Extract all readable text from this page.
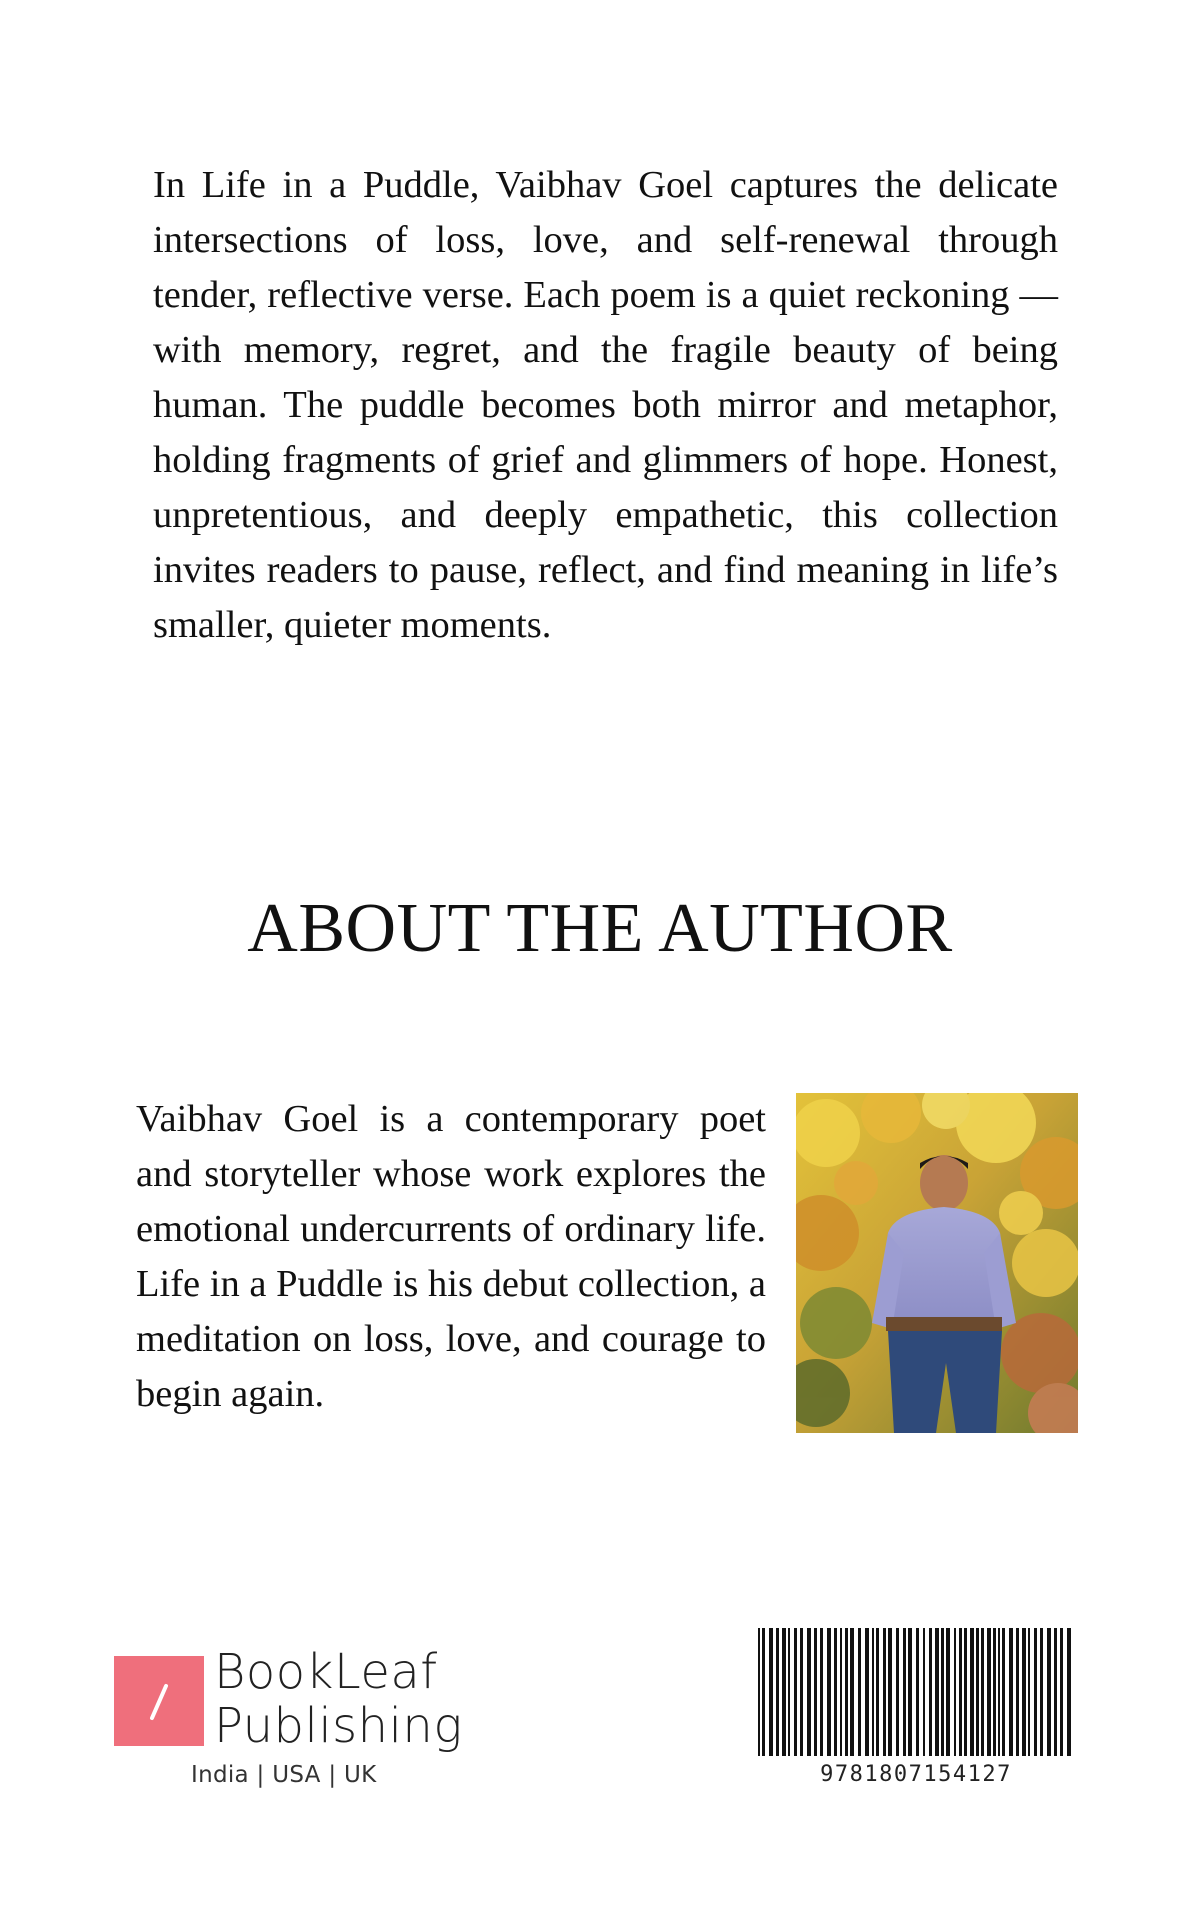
In Life in a Puddle, Vaibhav Goel captures the delicate intersections of loss, love, and self-renewal through tender, reflective verse. Each poem is a quiet reckoning — with memory, regret, and the fragile beauty of being human. The puddle becomes both mirror and metaphor, holding fragments of grief and glimmers of hope. Honest, unpretentious, and deeply empathetic, this collection invites readers to pause, reflect, and find meaning in life’s smaller, quieter moments.

ABOUT THE AUTHOR

Vaibhav Goel is a contemporary poet and storyteller whose work explores the emotional undercurrents of ordinary life. Life in a Puddle is his debut collection, a meditation on loss, love, and courage to begin again.

BookLeaf
Publishing
India | USA | UK	9781807154127
